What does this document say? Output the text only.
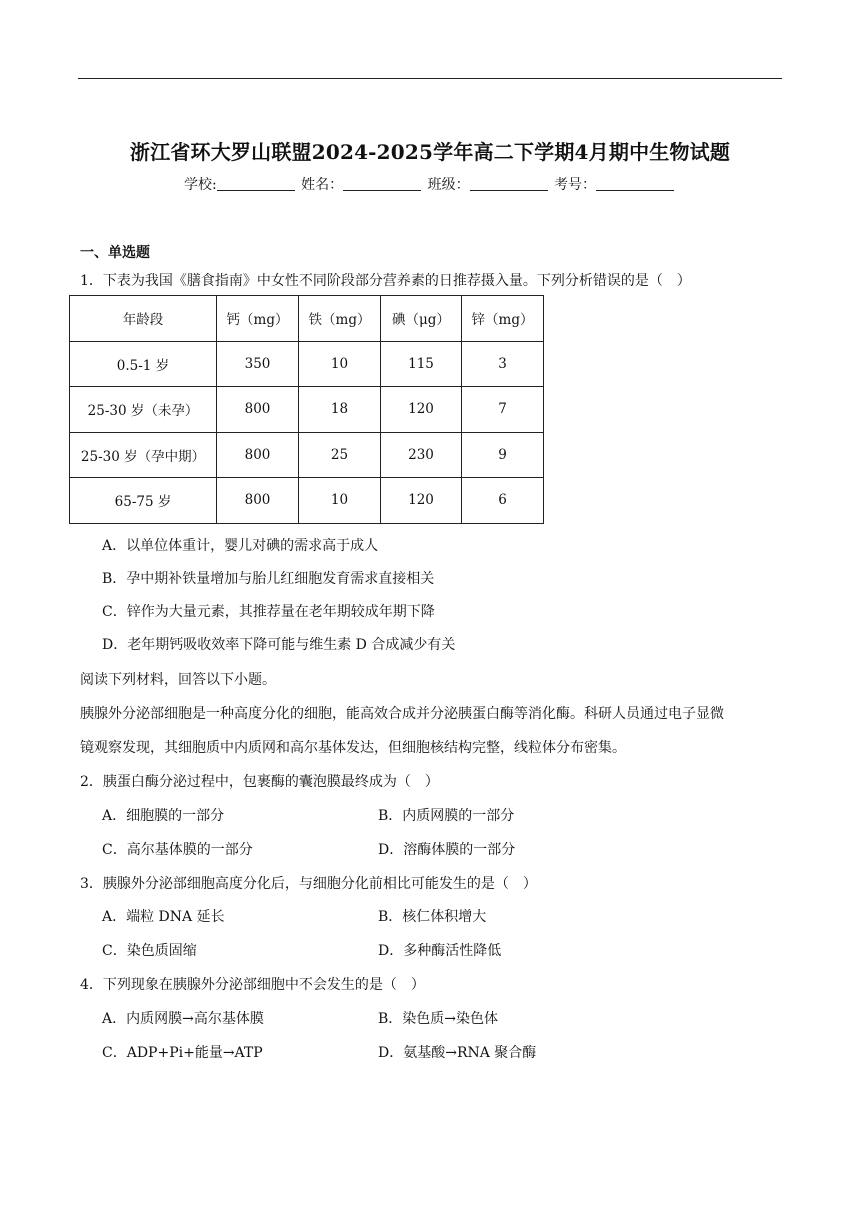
浙江省环大罗山联盟2024-2025学年高二下学期4月期中生物试题
学校:	姓名：	班级：	考号：
一、单选题
1．下表为我国《膳食指南》中女性不同阶段部分营养素的日推荐摄入量。下列分析错误的是（　）
年龄段	钙（mg）	铁（mg）	碘（μg）	锌（mg）
0.5-1 岁	350	10	115	3
25-30 岁（未孕）	800	18	120	7
25-30 岁（孕中期）	800	25	230	9
65-75 岁	800	10	120	6
A．以单位体重计，婴儿对碘的需求高于成人
B．孕中期补铁量增加与胎儿红细胞发育需求直接相关
C．锌作为大量元素，其推荐量在老年期较成年期下降
D．老年期钙吸收效率下降可能与维生素 D 合成减少有关
阅读下列材料，回答以下小题。
胰腺外分泌部细胞是一种高度分化的细胞，能高效合成并分泌胰蛋白酶等消化酶。科研人员通过电子显微
镜观察发现，其细胞质中内质网和高尔基体发达，但细胞核结构完整，线粒体分布密集。
2．胰蛋白酶分泌过程中，包裹酶的囊泡膜最终成为（　）
A．细胞膜的一部分	B．内质网膜的一部分
C．高尔基体膜的一部分	D．溶酶体膜的一部分
3．胰腺外分泌部细胞高度分化后，与细胞分化前相比可能发生的是（　）
A．端粒 DNA 延长	B．核仁体积增大
C．染色质固缩	D．多种酶活性降低
4．下列现象在胰腺外分泌部细胞中不会发生的是（　）
A．内质网膜→高尔基体膜	B．染色质→染色体
C．ADP+Pi+能量→ATP	D．氨基酸→RNA 聚合酶
